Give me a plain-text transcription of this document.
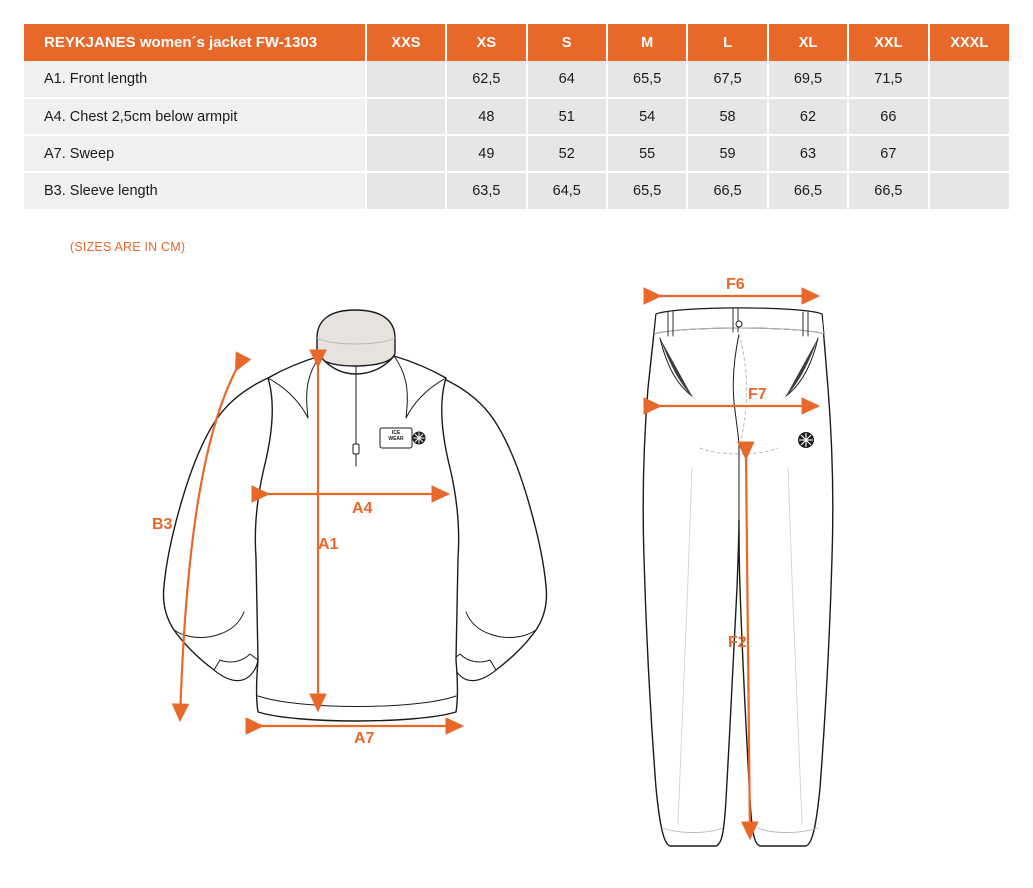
REYKJANES women´s jacket FW-1303	XXS	XS	S	M	L	XL	XXL	XXXL
A1. Front length		62,5	64	65,5	67,5	69,5	71,5	
A4. Chest 2,5cm below armpit		48	51	54	58	62	66	
A7. Sweep		49	52	55	59	63	67	
B3. Sleeve length		63,5	64,5	65,5	66,5	66,5	66,5	
(SIZES ARE IN CM)
B3
A4
A1
A7
F6
F7
F2
ICE
WEAR
